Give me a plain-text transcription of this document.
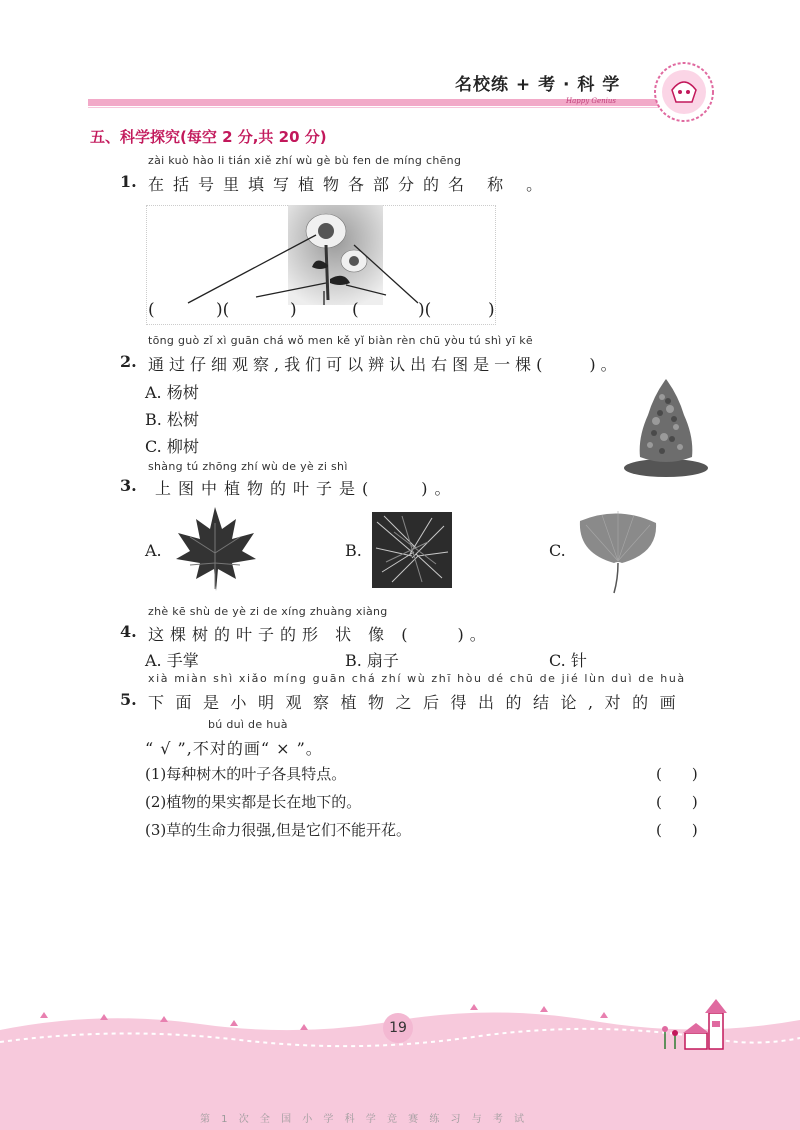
名校练 + 考 · 科 学
Happy Genius
五、科学探究(每空 2 分,共 20 分)
zài kuò hào li tián xiě zhí wù gè bù fen de míng chēng
1. 在括号里填写植物各部分的名 称 。
(	)(	)	(	)(	)
tōng guò zǐ xì guān chá wǒ men kě yǐ biàn rèn chū yòu tú shì yī kē
2. 通过仔细观察,我们可以辨认出右图是一棵(　　)。
A. 杨树
B. 松树
C. 柳树
shàng tú zhōng zhí wù de yè zi shì
3. 上图中植物的叶子是(　　)。
A.	B.	C.
zhè kē shù de yè zi de xíng zhuàng xiàng
4. 这棵树的叶子的形 状 像 (　　)。
A. 手掌	B. 扇子	C. 针
xià miàn shì xiǎo míng guān chá zhí wù zhī hòu dé chū de jié lùn duì de huà
5. 下面是小明观察植物之后得出的结论,对的画
bú duì de huà
“ √ ”,不对的画“ × ”。
(1)每种树木的叶子各具特点。	(　　)
(2)植物的果实都是长在地下的。	(　　)
(3)草的生命力很强,但是它们不能开花。	(　　)
19
第 1 次 全 国 小 学 科 学 竞 赛 练 习 与 考 试
